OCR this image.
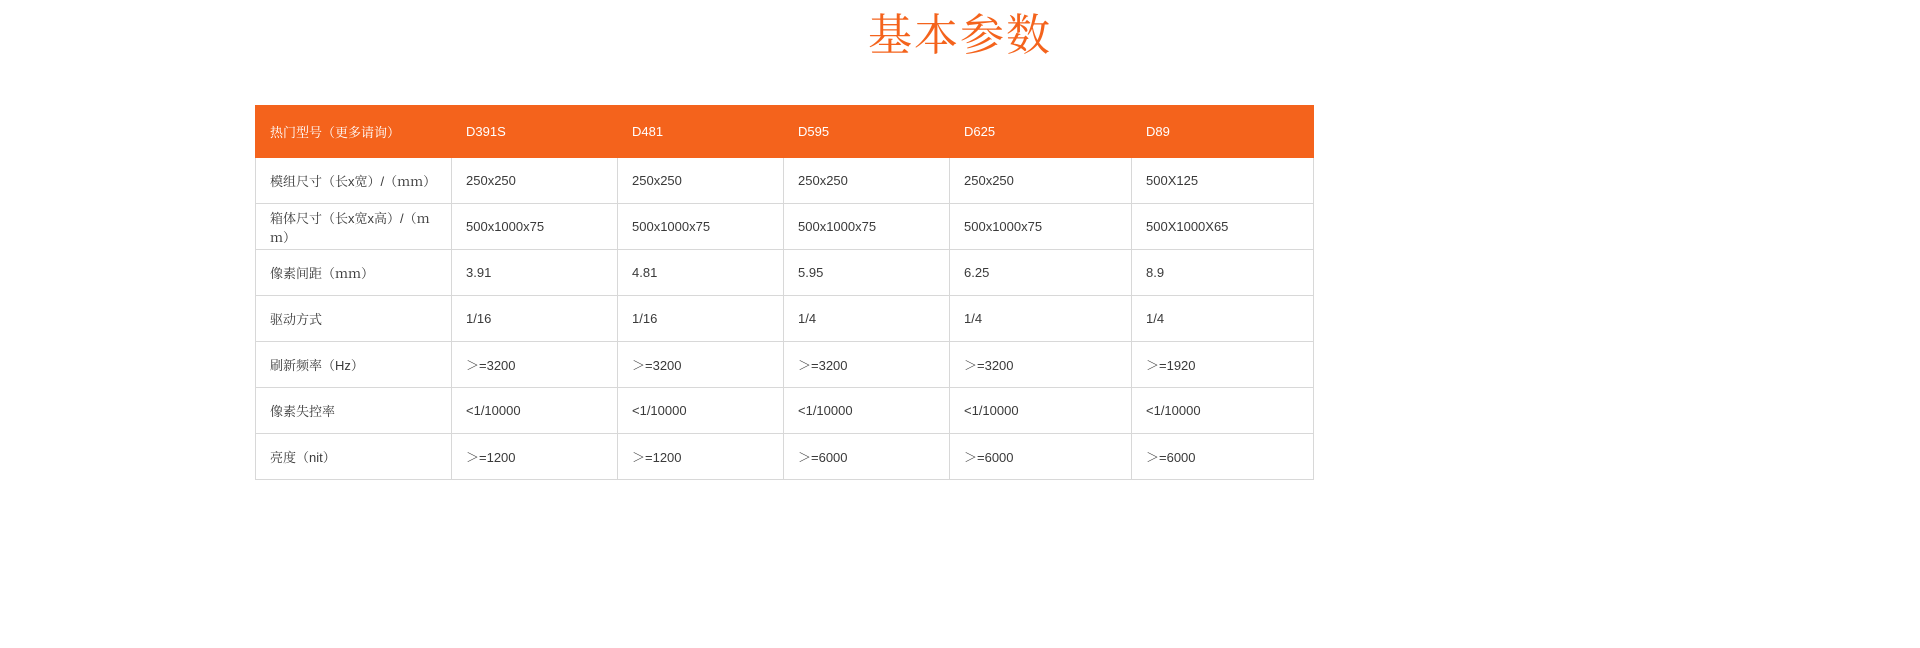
基本参数
热门型号（更多请询）	D391S	D481	D595	D625	D89
模组尺寸（长x宽）/（ｍｍ）	250x250	250x250	250x250	250x250	500X125
箱体尺寸（长x宽x高）/（ｍｍ）	500x1000x75	500x1000x75	500x1000x75	500x1000x75	500X1000X65
像素间距（ｍｍ）	3.91	4.81	5.95	6.25	8.9
驱动方式	1/16	1/16	1/4	1/4	1/4
刷新频率（Hz）	＞=3200	＞=3200	＞=3200	＞=3200	＞=1920
像素失控率	<1/10000	<1/10000	<1/10000	<1/10000	<1/10000
亮度（nit）	＞=1200	＞=1200	＞=6000	＞=6000	＞=6000
